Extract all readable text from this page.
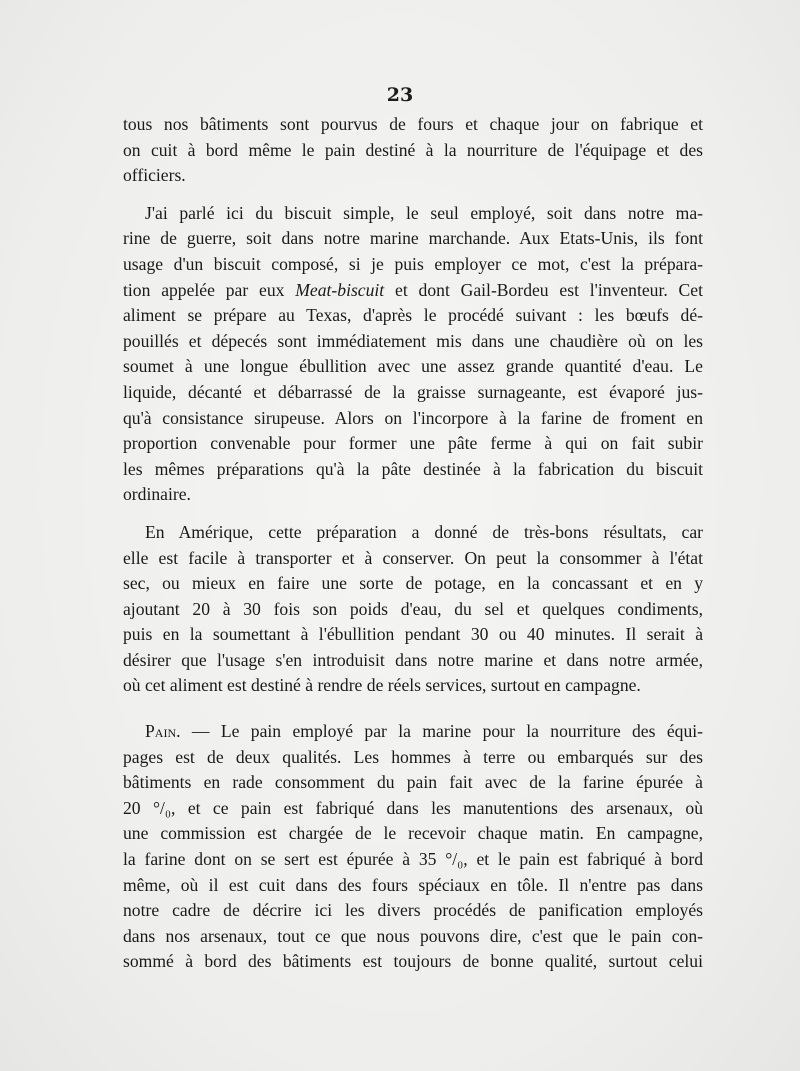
23
tous nos bâtiments sont pourvus de fours et chaque jour on fabrique et
on cuit à bord même le pain destiné à la nourriture de l'équipage et des
officiers.
J'ai parlé ici du biscuit simple, le seul employé, soit dans notre ma-
rine de guerre, soit dans notre marine marchande. Aux Etats-Unis, ils font
usage d'un biscuit composé, si je puis employer ce mot, c'est la prépara-
tion appelée par eux Meat-biscuit et dont Gail-Bordeu est l'inventeur. Cet
aliment se prépare au Texas, d'après le procédé suivant : les bœufs dé-
pouillés et dépecés sont immédiatement mis dans une chaudière où on les
soumet à une longue ébullition avec une assez grande quantité d'eau. Le
liquide, décanté et débarrassé de la graisse surnageante, est évaporé jus-
qu'à consistance sirupeuse. Alors on l'incorpore à la farine de froment en
proportion convenable pour former une pâte ferme à qui on fait subir
les mêmes préparations qu'à la pâte destinée à la fabrication du biscuit
ordinaire.
En Amérique, cette préparation a donné de très-bons résultats, car
elle est facile à transporter et à conserver. On peut la consommer à l'état
sec, ou mieux en faire une sorte de potage, en la concassant et en y
ajoutant 20 à 30 fois son poids d'eau, du sel et quelques condiments,
puis en la soumettant à l'ébullition pendant 30 ou 40 minutes. Il serait à
désirer que l'usage s'en introduisit dans notre marine et dans notre armée,
où cet aliment est destiné à rendre de réels services, surtout en campagne.
Pain. — Le pain employé par la marine pour la nourriture des équi-
pages est de deux qualités. Les hommes à terre ou embarqués sur des
bâtiments en rade consomment du pain fait avec de la farine épurée à
20 °/₀, et ce pain est fabriqué dans les manutentions des arsenaux, où
une commission est chargée de le recevoir chaque matin. En campagne,
la farine dont on se sert est épurée à 35 °/₀, et le pain est fabriqué à bord
même, où il est cuit dans des fours spéciaux en tôle. Il n'entre pas dans
notre cadre de décrire ici les divers procédés de panification employés
dans nos arsenaux, tout ce que nous pouvons dire, c'est que le pain con-
sommé à bord des bâtiments est toujours de bonne qualité, surtout celui
